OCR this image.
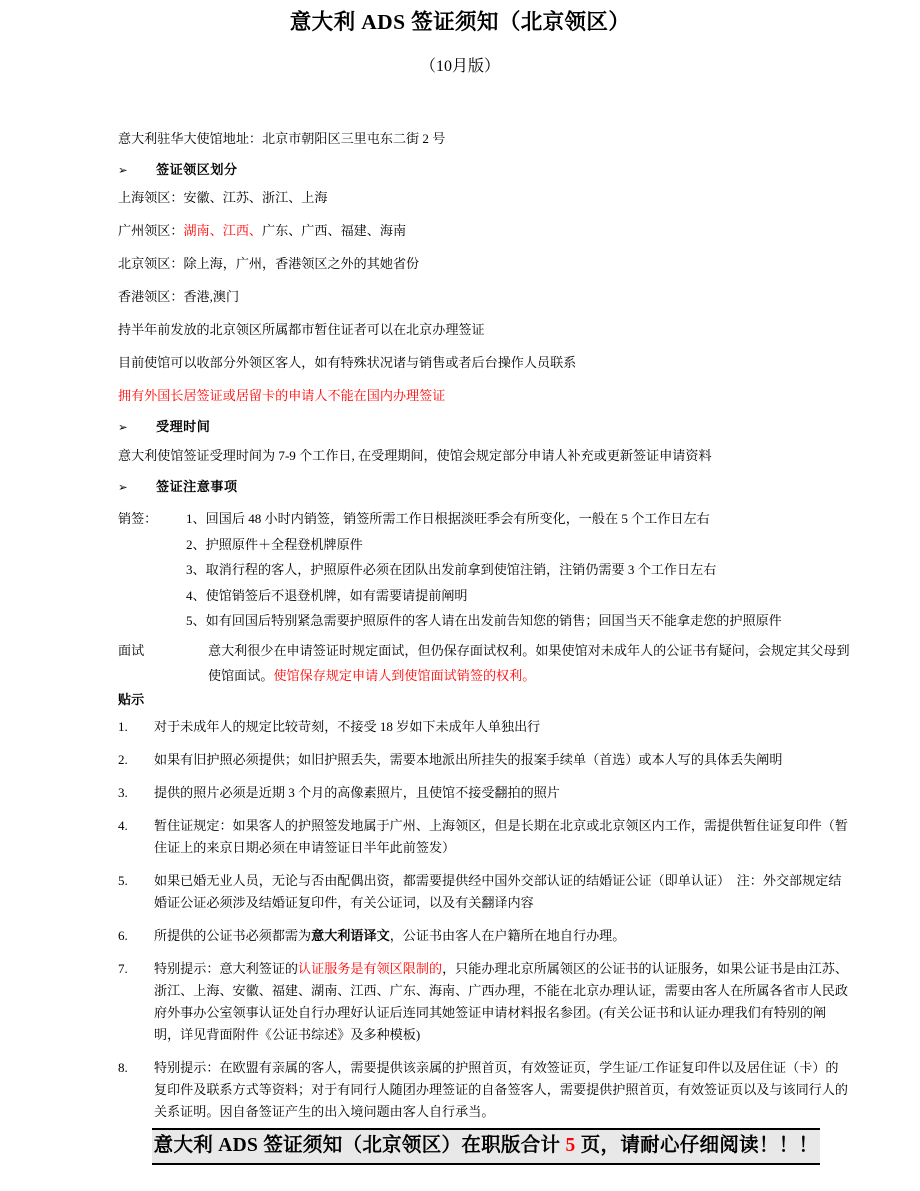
意大利 ADS 签证须知（北京领区）
（10月版）

意大利驻华大使馆地址：北京市朝阳区三里屯东二街 2 号

➢	签证领区划分

上海领区：安徽、江苏、浙江、上海

广州领区：湖南、江西、广东、广西、福建、海南

北京领区：除上海，广州，香港领区之外的其她省份

香港领区：香港,澳门

持半年前发放的北京领区所属都市暂住证者可以在北京办理签证

目前使馆可以收部分外领区客人，如有特殊状况诸与销售或者后台操作人员联系

拥有外国长居签证或居留卡的申请人不能在国内办理签证

➢	受理时间

意大利使馆签证受理时间为 7-9 个工作日, 在受理期间，使馆会规定部分申请人补充或更新签证申请资料

➢	签证注意事项
销签：	1、回国后 48 小时内销签，销签所需工作日根据淡旺季会有所变化，一般在 5 个工作日左右
2、护照原件＋全程登机牌原件
3、取消行程的客人，护照原件必须在团队出发前拿到使馆注销，注销仍需要 3 个工作日左右
4、使馆销签后不退登机牌，如有需要请提前阐明
5、如有回国后特别紧急需要护照原件的客人请在出发前告知您的销售；回国当天不能拿走您的护照原件
面试	意大利很少在申请签证时规定面试，但仍保存面试权利。如果使馆对未成年人的公证书有疑问，会规定其父母到
使馆面试。使馆保存规定申请人到使馆面试销签的权利。
贴示
1.	对于未成年人的规定比较苛刻，不接受 18 岁如下未成年人单独出行
2.	如果有旧护照必须提供；如旧护照丢失，需要本地派出所挂失的报案手续单（首选）或本人写的具体丢失阐明
3.	提供的照片必须是近期 3 个月的高像素照片，且使馆不接受翻拍的照片
4.	暂住证规定：如果客人的护照签发地属于广州、上海领区，但是长期在北京或北京领区内工作，需提供暂住证复印件（暂住证上的来京日期必须在申请签证日半年此前签发）
5.	如果已婚无业人员，无论与否由配偶出资，都需要提供经中国外交部认证的结婚证公证（即单认证）　注：外交部规定结婚证公证必须涉及结婚证复印件，有关公证词，以及有关翻译内容
6.	所提供的公证书必须都需为意大利语译文，公证书由客人在户籍所在地自行办理。
7.	特别提示：意大利签证的认证服务是有领区限制的，只能办理北京所属领区的公证书的认证服务，如果公证书是由江苏、浙江、上海、安徽、福建、湖南、江西、广东、海南、广西办理，不能在北京办理认证，需要由客人在所属各省市人民政府外事办公室领事认证处自行办理好认证后连同其她签证申请材料报名参团。(有关公证书和认证办理我们有特别的阐明，详见背面附件《公证书综述》及多种模板)
8.	特别提示：在欧盟有亲属的客人，需要提供该亲属的护照首页，有效签证页，学生证/工作证复印件以及居住证（卡）的复印件及联系方式等资料；对于有同行人随团办理签证的自备签客人，需要提供护照首页，有效签证页以及与该同行人的关系证明。因自备签证产生的出入境问题由客人自行承当。
意大利 ADS 签证须知（北京领区）在职版合计 5 页，请耐心仔细阅读！！！
